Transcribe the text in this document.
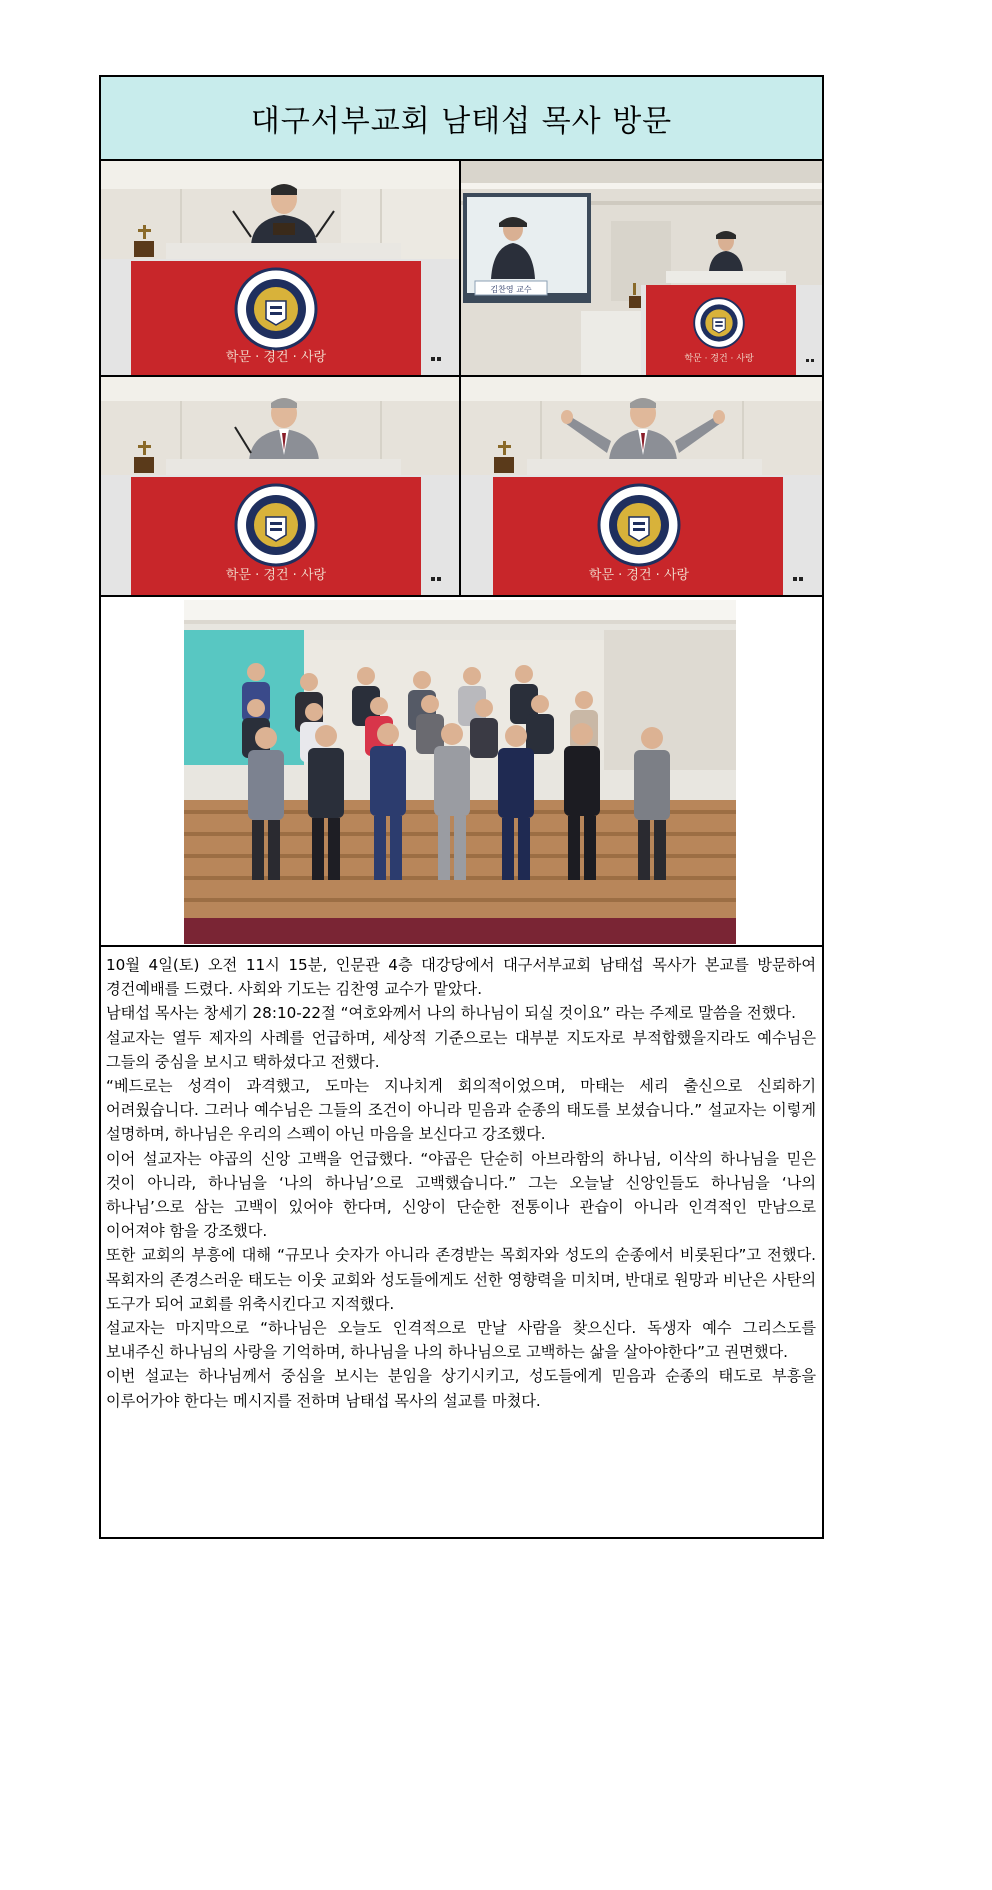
대구서부교회 남태섭 목사 방문
학문 · 경건 · 사랑
김찬영 교수
학문 · 경건 · 사랑
학문 · 경건 · 사랑	학문 · 경건 · 사랑

10월 4일(토) 오전 11시 15분, 인문관 4층 대강당에서 대구서부교회 남태섭 목사가 본교를 방문하여 경건예배를 드렸다. 사회와 기도는 김찬영 교수가 맡았다.

남태섭 목사는 창세기 28:10-22절 “여호와께서 나의 하나님이 되실 것이요” 라는 주제로 말씀을 전했다.

설교자는 열두 제자의 사례를 언급하며, 세상적 기준으로는 대부분 지도자로 부적합했을지라도 예수님은 그들의 중심을 보시고 택하셨다고 전했다.

“베드로는 성격이 과격했고, 도마는 지나치게 회의적이었으며, 마태는 세리 출신으로 신뢰하기 어려웠습니다. 그러나 예수님은 그들의 조건이 아니라 믿음과 순종의 태도를 보셨습니다.” 설교자는 이렇게 설명하며, 하나님은 우리의 스펙이 아닌 마음을 보신다고 강조했다.

이어 설교자는 야곱의 신앙 고백을 언급했다. “야곱은 단순히 아브라함의 하나님, 이삭의 하나님을 믿은 것이 아니라, 하나님을 ‘나의 하나님’으로 고백했습니다.” 그는 오늘날 신앙인들도 하나님을 ‘나의 하나님’으로 삼는 고백이 있어야 한다며, 신앙이 단순한 전통이나 관습이 아니라 인격적인 만남으로 이어져야 함을 강조했다.

또한 교회의 부흥에 대해 “규모나 숫자가 아니라 존경받는 목회자와 성도의 순종에서 비롯된다”고 전했다. 목회자의 존경스러운 태도는 이웃 교회와 성도들에게도 선한 영향력을 미치며, 반대로 원망과 비난은 사탄의 도구가 되어 교회를 위축시킨다고 지적했다.

설교자는 마지막으로 “하나님은 오늘도 인격적으로 만날 사람을 찾으신다. 독생자 예수 그리스도를 보내주신 하나님의 사랑을 기억하며, 하나님을 나의 하나님으로 고백하는 삶을 살아야한다”고 권면했다.

이번 설교는 하나님께서 중심을 보시는 분임을 상기시키고, 성도들에게 믿음과 순종의 태도로 부흥을 이루어가야 한다는 메시지를 전하며 남태섭 목사의 설교를 마쳤다.
